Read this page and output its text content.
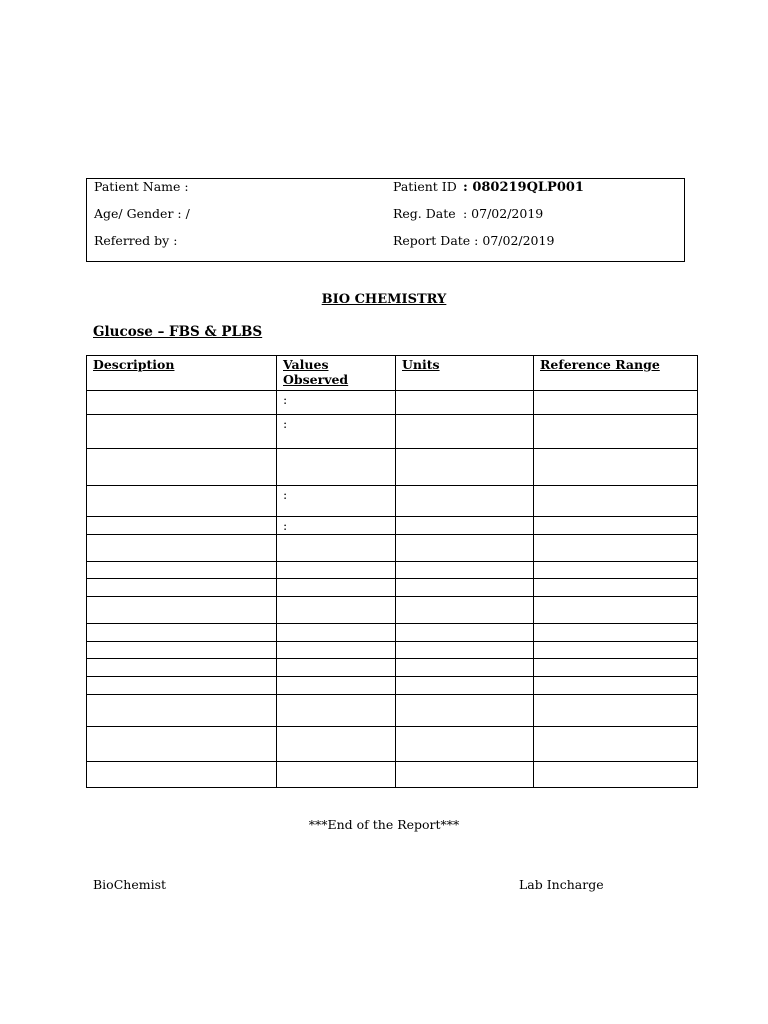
Patient Name :
Age/ Gender : /
Referred by :
Patient ID : 080219QLP001
Reg. Date : 07/02/2019
Report Date : 07/02/2019
BIO CHEMISTRY
Glucose – FBS & PLBS
Description	Values Observed	Units	Reference Range
	:		
	:		

	:		
	:		

***End of the Report***
BioChemist	Lab Incharge
